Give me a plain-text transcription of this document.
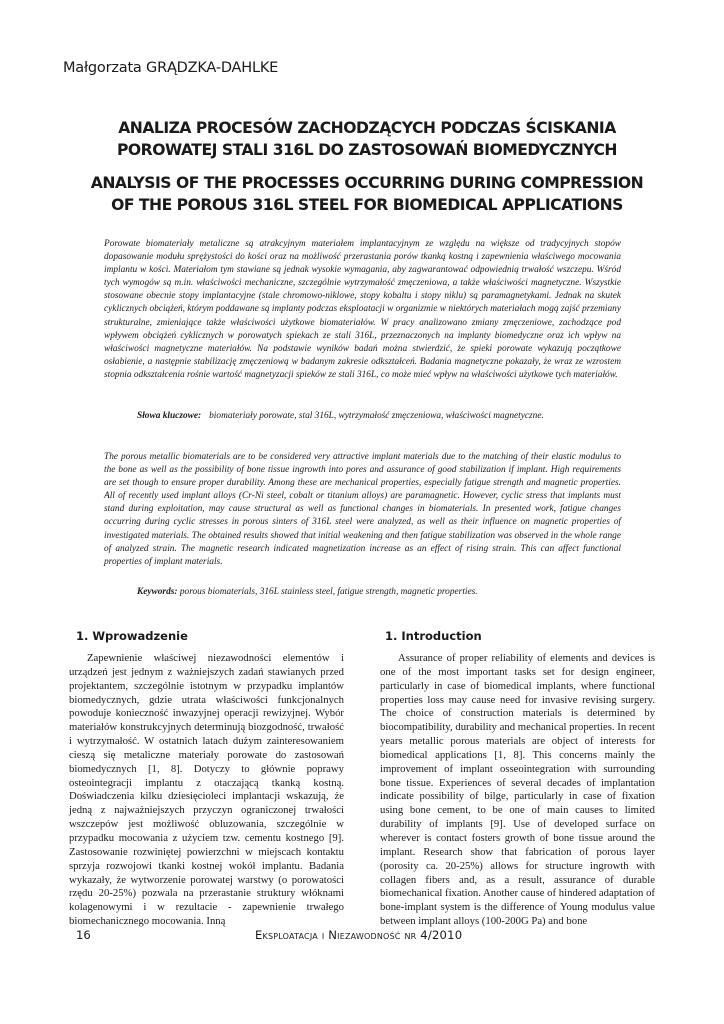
Małgorzata GRĄDZKA-DAHLKE
ANALIZA PROCESÓW ZACHODZĄCYCH PODCZAS ŚCISKANIA
POROWATEJ STALI 316L DO ZASTOSOWAŃ BIOMEDYCZNYCH
ANALYSIS OF THE PROCESSES OCCURRING DURING COMPRESSION
OF THE POROUS 316L STEEL FOR BIOMEDICAL APPLICATIONS
Porowate biomateriały metaliczne są atrakcyjnym materiałem implantacyjnym ze względu na większe od tradycyjnych stopów dopasowanie modułu sprężystości do kości oraz na możliwość przerastania porów tkanką kostną i zapewnienia właściwego mocowania implantu w kości. Materiałom tym stawiane są jednak wysokie wymagania, aby zagwarantować odpowiednią trwałość wszczepu. Wśród tych wymogów są m.in. właściwości mechaniczne, szczególnie wytrzymałość zmęczeniowa, a także właściwości magnetyczne. Wszystkie stosowane obecnie stopy implantacyjne (stale chromowo-niklowe, stopy kobaltu i stopy niklu) są paramagnetykami. Jednak na skutek cyklicznych obciążeń, którym poddawane są implanty podczas eksploatacji w organizmie w niektórych materiałach mogą zajść przemiany strukturalne, zmieniające także właściwości użytkowe biomateriałów. W pracy analizowano zmiany zmęczeniowe, zachodzące pod wpływem obciążeń cyklicznych w porowatych spiekach ze stali 316L, przeznaczonych na implanty biomedyczne oraz ich wpływ na właściwości magnetyczne materiałów. Na podstawie wyników badań można stwierdzić, że spieki porowate wykazują początkowe osłabienie, a następnie stabilizację zmęczeniową w badanym zakresie odkształceń. Badania magnetyczne pokazały, że wraz ze wzrostem stopnia odkształcenia rośnie wartość magnetyzacji spieków ze stali 316L, co może mieć wpływ na właściwości użytkowe tych materiałów.
Słowa kluczowe: biomateriały porowate, stal 316L, wytrzymałość zmęczeniowa, właściwości magnetyczne.
The porous metallic biomaterials are to be considered very attractive implant materials due to the matching of their elastic modulus to the bone as well as the possibility of bone tissue ingrowth into pores and assurance of good stabilization if implant. High requirements are set though to ensure proper durability. Among these are mechanical properties, especially fatigue strength and magnetic properties. All of recently used implant alloys (Cr-Ni steel, cobalt or titanium alloys) are paramagnetic. However, cyclic stress that implants must stand during exploitation, may cause structural as well as functional changes in biomaterials. In presented work, fatigue changes occurring during cyclic stresses in porous sinters of 316L steel were analyzed, as well as their influence on magnetic properties of investigated materials. The obtained results showed that initial weakening and then fatigue stabilization was observed in the whole range of analyzed strain. The magnetic research indicated magnetization increase as an effect of rising strain. This can affect functional properties of implant materials.
Keywords: porous biomaterials, 316L stainless steel, fatigue strength, magnetic properties.
1. Wprowadzenie	1. Introduction
Zapewnienie właściwej niezawodności elementów i urządzeń jest jednym z ważniejszych zadań stawianych przed projektantem, szczególnie istotnym w przypadku implantów biomedycznych, gdzie utrata właściwości funkcjonalnych powoduje konieczność inwazyjnej operacji rewizyjnej. Wybór materiałów konstrukcyjnych determinują biozgodność, trwałość i wytrzymałość. W ostatnich latach dużym zainteresowaniem cieszą się metaliczne materiały porowate do zastosowań biomedycznych [1, 8]. Dotyczy to głównie poprawy osteointegracji implantu z otaczającą tkanką kostną. Doświadczenia kilku dziesięcioleci implantacji wskazują, że jedną z najważniejszych przyczyn ograniczonej trwałości wszczepów jest możliwość obluzowania, szczególnie w przypadku mocowania z użyciem tzw. cementu kostnego [9]. Zastosowanie rozwiniętej powierzchni w miejscach kontaktu sprzyja rozwojowi tkanki kostnej wokół implantu. Badania wykazały, że wytworzenie porowatej warstwy (o porowatości rzędu 20-25%) pozwala na przerastanie struktury włóknami kolagenowymi i w rezultacie - zapewnienie trwałego biomechanicznego mocowania. Inną
Assurance of proper reliability of elements and devices is one of the most important tasks set for design engineer, particularly in case of biomedical implants, where functional properties loss may cause need for invasive revising surgery. The choice of construction materials is determined by biocompatibility, durability and mechanical properties. In recent years metallic porous materials are object of interests for biomedical applications [1, 8]. This concerns mainly the improvement of implant osseointegration with surrounding bone tissue. Experiences of several decades of implantation indicate possibility of bilge, particularly in case of fixation using bone cement, to be one of main causes to limited durability of implants [9]. Use of developed surface on wherever is contact fosters growth of bone tissue around the implant. Research show that fabrication of porous layer (porosity ca. 20-25%) allows for structure ingrowth with collagen fibers and, as a result, assurance of durable biomechanical fixation. Another cause of hindered adaptation of bone-implant system is the difference of Young modulus value between implant alloys (100-200G Pa) and bone
16	Eksploatacja i Niezawodność nr 4/2010
